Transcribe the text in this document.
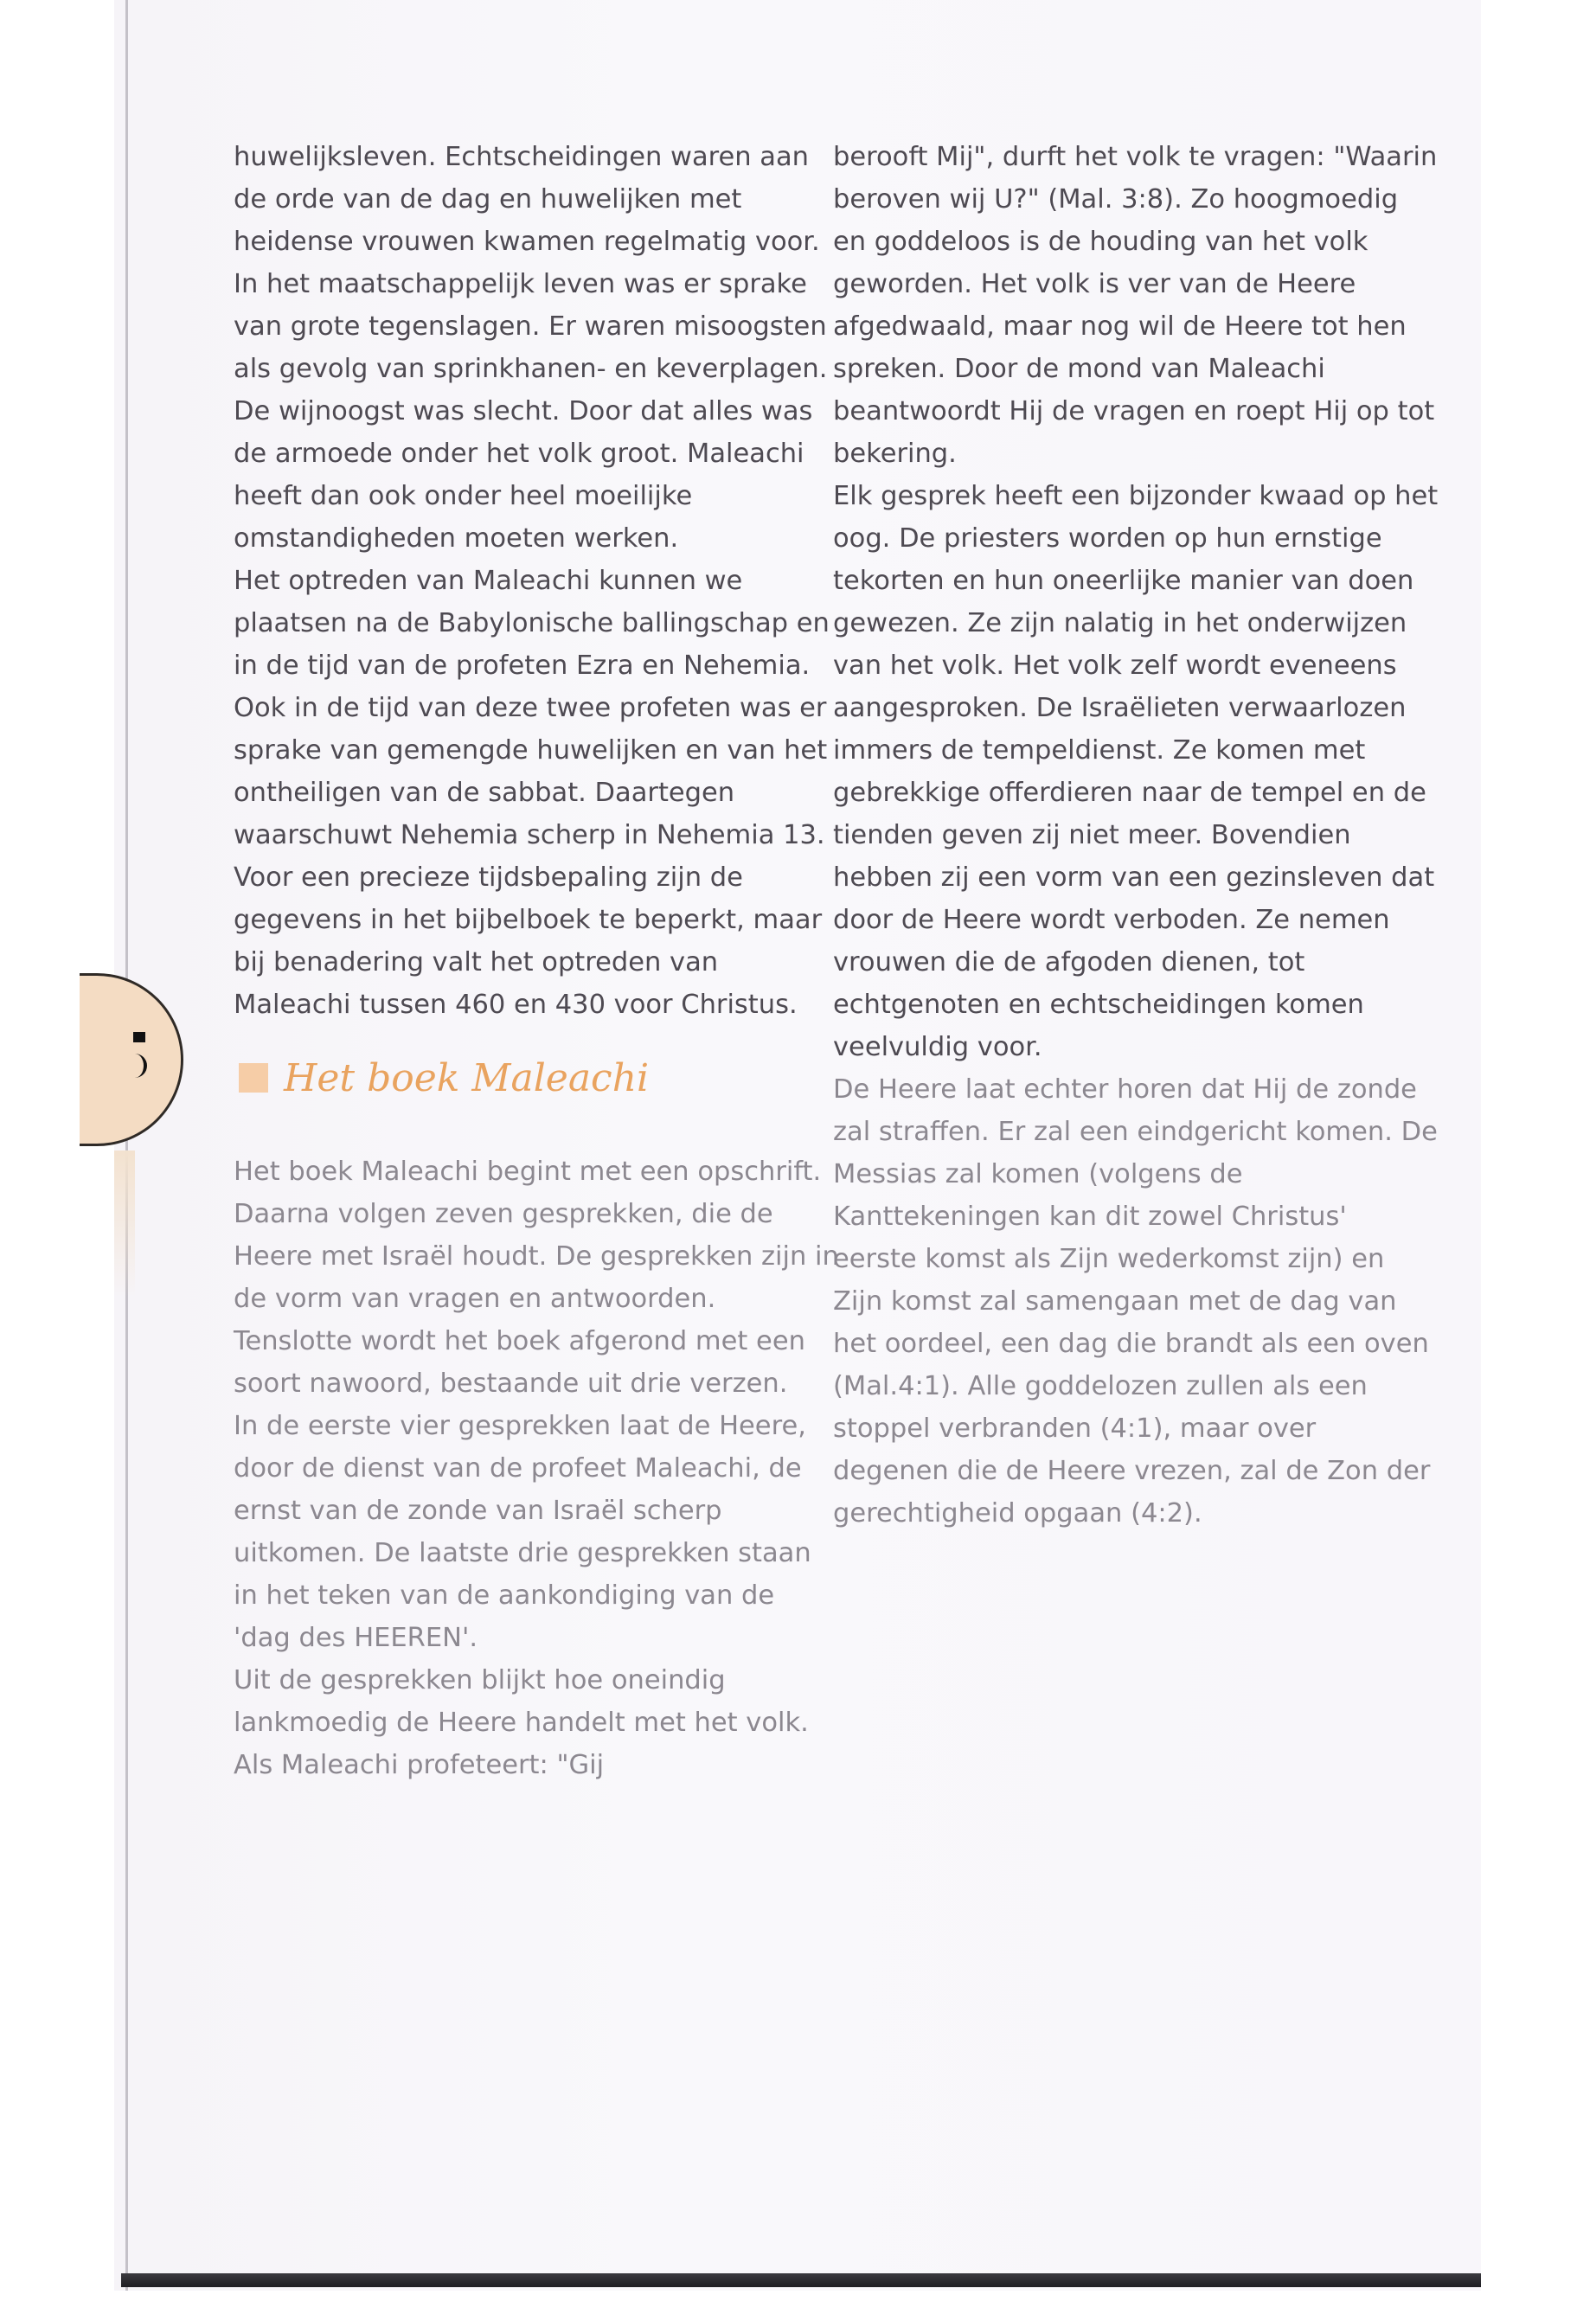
huwelijksleven. Echtscheidingen waren aan de orde van de dag en huwelijken met heidense vrouwen kwamen regelmatig voor.

In het maatschappelijk leven was er sprake van grote tegenslagen. Er waren misoogsten als gevolg van sprinkhanen- en keverplagen. De wijnoogst was slecht. Door dat alles was de armoede onder het volk groot. Maleachi heeft dan ook onder heel moeilijke omstandigheden moeten werken.

Het optreden van Maleachi kunnen we plaatsen na de Babylonische ballingschap en in de tijd van de profeten Ezra en Nehemia. Ook in de tijd van deze twee profeten was er sprake van gemengde huwelijken en van het ontheiligen van de sabbat. Daartegen waarschuwt Nehemia scherp in Nehemia 13.

Voor een precieze tijdsbepaling zijn de gegevens in het bijbelboek te beperkt, maar bij benadering valt het optreden van Maleachi tussen 460 en 430 voor Christus.

Het boek Maleachi

Het boek Maleachi begint met een opschrift. Daarna volgen zeven gesprekken, die de Heere met Israël houdt. De gesprekken zijn in de vorm van vragen en antwoorden. Tenslotte wordt het boek afgerond met een soort nawoord, bestaande uit drie verzen.

In de eerste vier gesprekken laat de Heere, door de dienst van de profeet Maleachi, de ernst van de zonde van Israël scherp uitkomen. De laatste drie gesprekken staan in het teken van de aankondiging van de 'dag des HEEREN'.

Uit de gesprekken blijkt hoe oneindig lankmoedig de Heere handelt met het volk. Als Maleachi profeteert: "Gij

berooft Mij", durft het volk te vragen: "Waarin beroven wij U?" (Mal. 3:8). Zo hoogmoedig en goddeloos is de houding van het volk geworden. Het volk is ver van de Heere afgedwaald, maar nog wil de Heere tot hen spreken. Door de mond van Maleachi beantwoordt Hij de vragen en roept Hij op tot bekering.

Elk gesprek heeft een bijzonder kwaad op het oog. De priesters worden op hun ernstige tekorten en hun oneerlijke manier van doen gewezen. Ze zijn nalatig in het onderwijzen van het volk. Het volk zelf wordt eveneens aangesproken. De Israëlieten verwaarlozen immers de tempeldienst. Ze komen met gebrekkige offerdieren naar de tempel en de tienden geven zij niet meer. Bovendien hebben zij een vorm van een gezinsleven dat door de Heere wordt verboden. Ze nemen vrouwen die de afgoden dienen, tot echtgenoten en echtscheidingen komen veelvuldig voor.

De Heere laat echter horen dat Hij de zonde zal straffen. Er zal een eindgericht komen. De Messias zal komen (volgens de Kanttekeningen kan dit zowel Christus' eerste komst als Zijn wederkomst zijn) en Zijn komst zal samengaan met de dag van het oordeel, een dag die brandt als een oven (Mal.4:1). Alle goddelozen zullen als een stoppel verbranden (4:1), maar over degenen die de Heere vrezen, zal de Zon der gerechtigheid opgaan (4:2).
